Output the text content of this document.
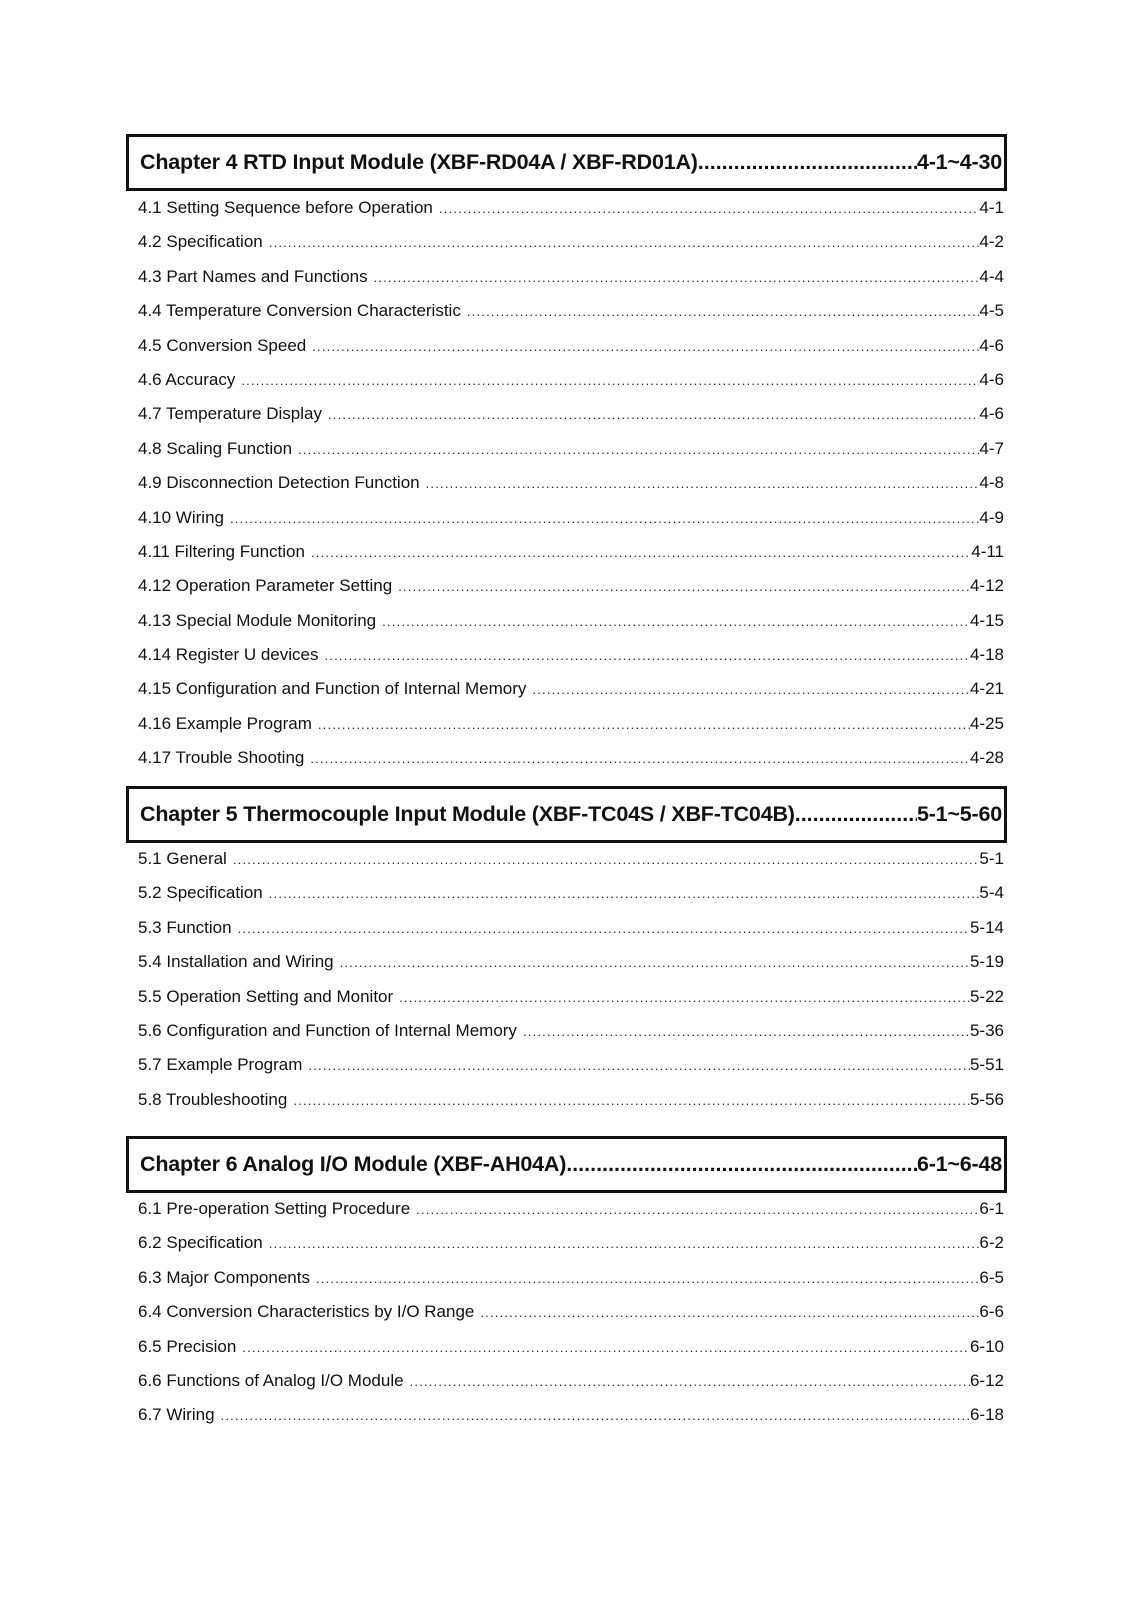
Chapter 4 RTD Input Module (XBF-RD04A / XBF-RD01A) .....	4-1~4-30
4.1 Setting Sequence before Operation .....	4-1
4.2 Specification .....	4-2
4.3 Part Names and Functions .....	4-4
4.4 Temperature Conversion Characteristic .....	4-5
4.5 Conversion Speed .....	4-6
4.6 Accuracy .....	4-6
4.7 Temperature Display .....	4-6
4.8 Scaling Function .....	4-7
4.9 Disconnection Detection Function .....	4-8
4.10 Wiring .....	4-9
4.11 Filtering Function .....	4-11
4.12 Operation Parameter Setting .....	4-12
4.13 Special Module Monitoring .....	4-15
4.14 Register U devices .....	4-18
4.15 Configuration and Function of Internal Memory .....	4-21
4.16 Example Program .....	4-25
4.17 Trouble Shooting .....	4-28
Chapter 5 Thermocouple Input Module (XBF-TC04S / XBF-TC04B) .....	5-1~5-60
5.1 General .....	5-1
5.2 Specification .....	5-4
5.3 Function .....	5-14
5.4 Installation and Wiring .....	5-19
5.5 Operation Setting and Monitor .....	5-22
5.6 Configuration and Function of Internal Memory .....	5-36
5.7 Example Program .....	5-51
5.8 Troubleshooting .....	5-56
Chapter 6 Analog I/O Module (XBF-AH04A) .....	6-1~6-48
6.1 Pre-operation Setting Procedure .....	6-1
6.2 Specification .....	6-2
6.3 Major Components .....	6-5
6.4 Conversion Characteristics by I/O Range .....	6-6
6.5 Precision .....	6-10
6.6 Functions of Analog I/O Module .....	6-12
6.7 Wiring .....	6-18
